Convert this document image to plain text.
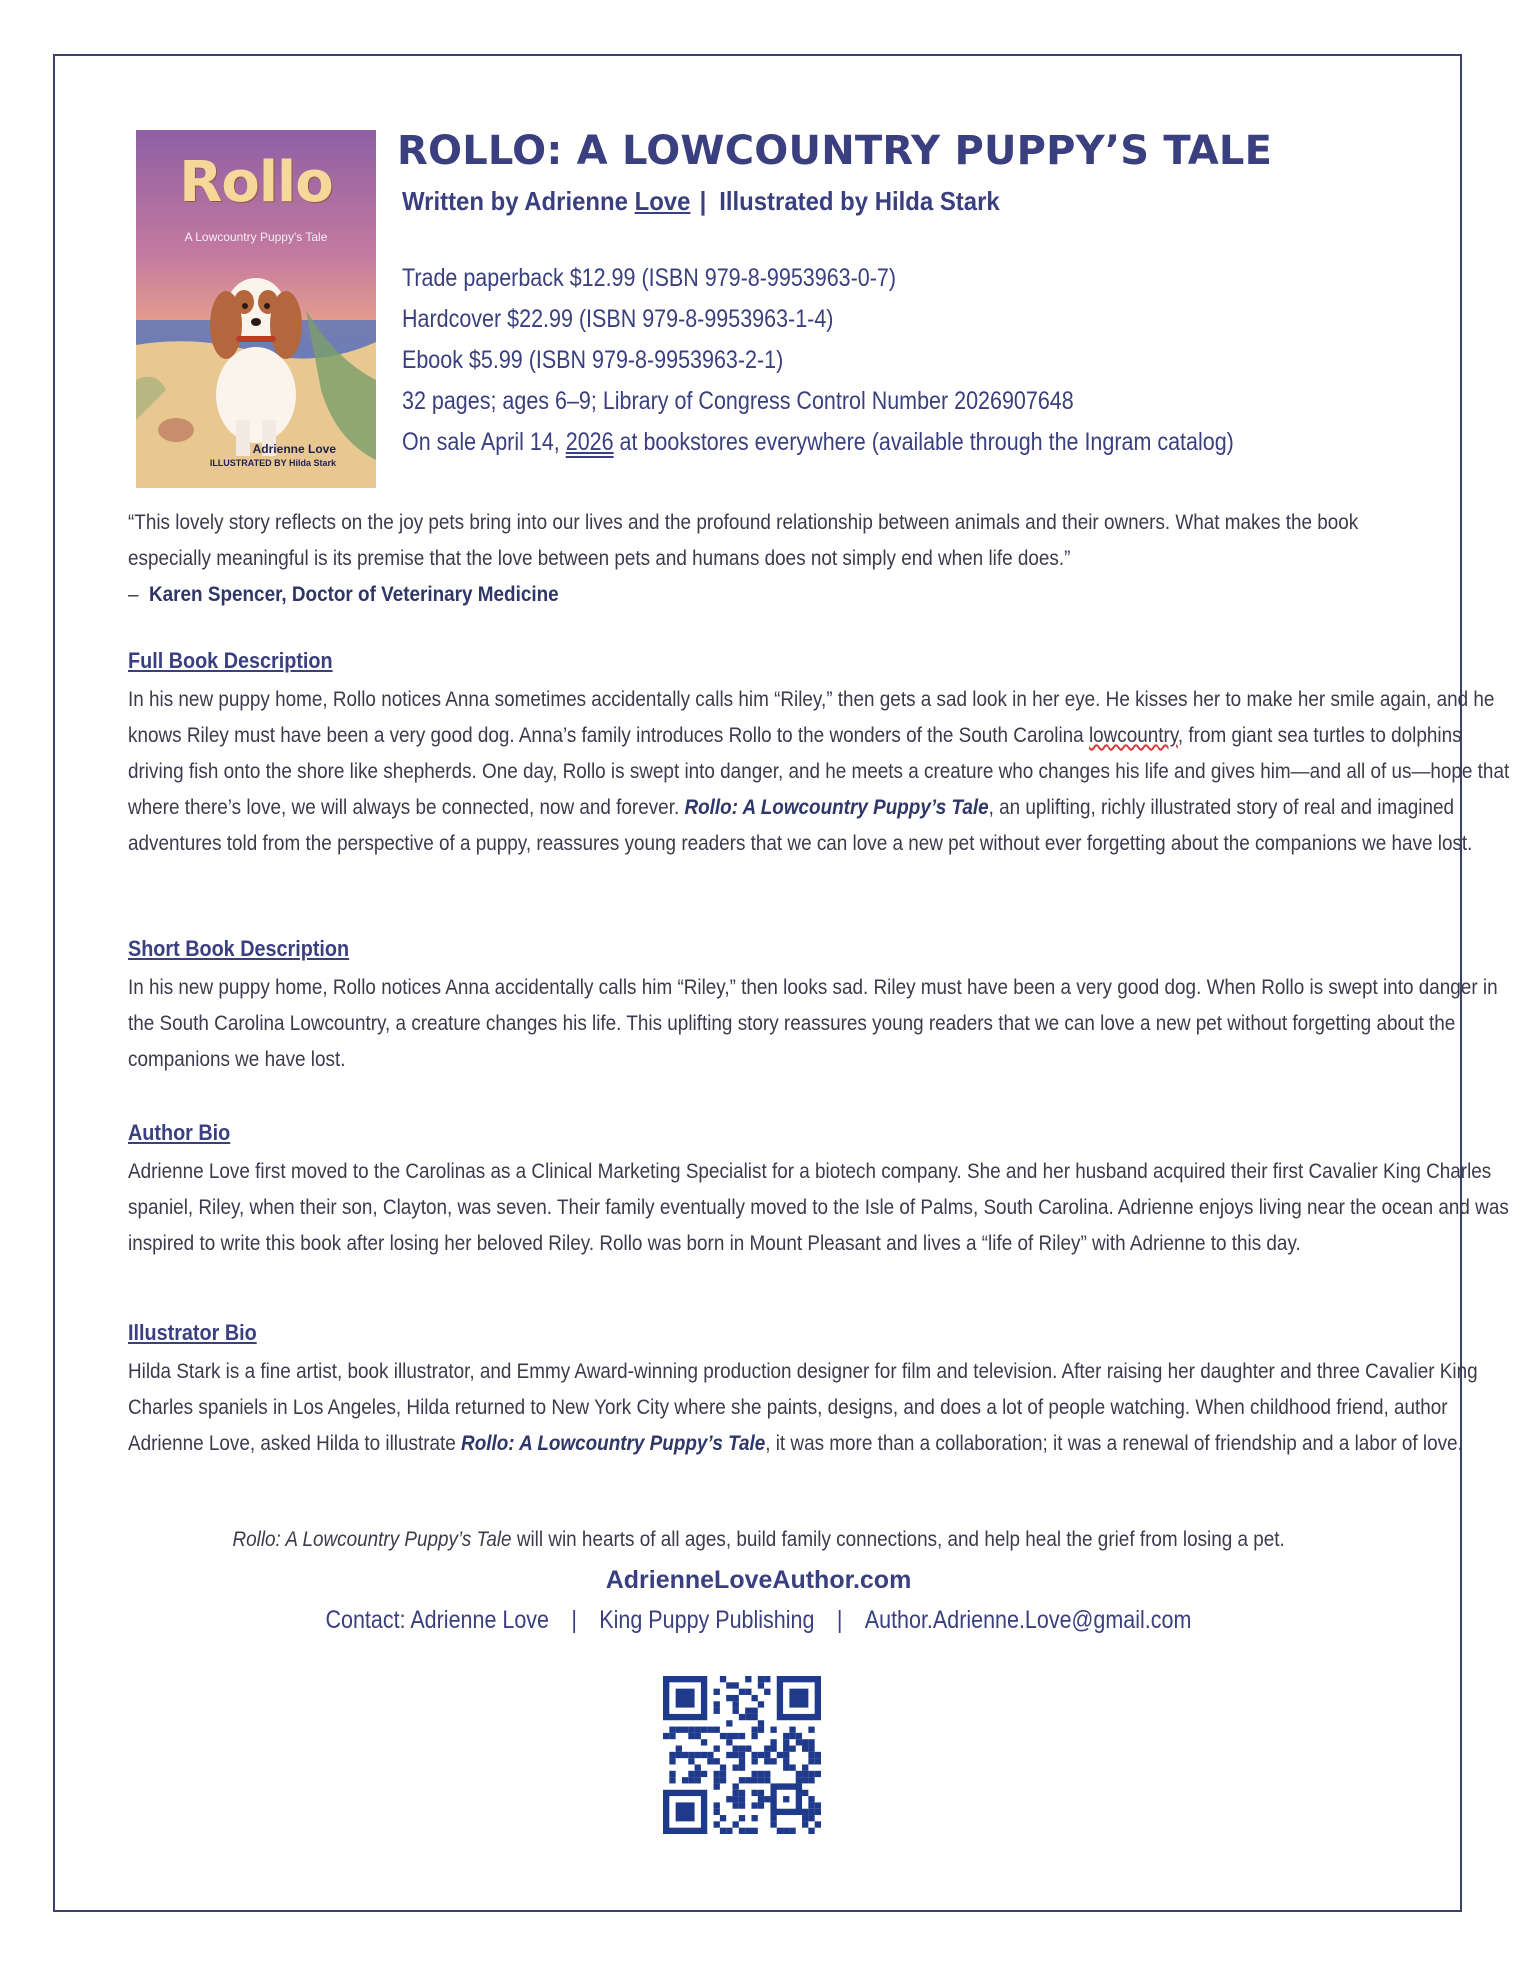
Rollo
A Lowcountry Puppy's Tale
Adrienne Love
ILLUSTRATED BY Hilda Stark
ROLLO: A LOWCOUNTRY PUPPY’S TALE
Written by Adrienne Love | Illustrated by Hilda Stark
Trade paperback $12.99 (ISBN 979-8-9953963-0-7)
Hardcover $22.99 (ISBN 979-8-9953963-1-4)
Ebook $5.99 (ISBN 979-8-9953963-2-1)
32 pages; ages 6–9; Library of Congress Control Number 2026907648
On sale April 14, 2026 at bookstores everywhere (available through the Ingram catalog)
“This lovely story reflects on the joy pets bring into our lives and the profound relationship between animals and their owners. What makes the book especially meaningful is its premise that the love between pets and humans does not simply end when life does.”
– Karen Spencer, Doctor of Veterinary Medicine
Full Book Description

In his new puppy home, Rollo notices Anna sometimes accidentally calls him “Riley,” then gets a sad look in her eye. He kisses her to make her smile again, and he knows Riley must have been a very good dog. Anna’s family introduces Rollo to the wonders of the South Carolina lowcountry, from giant sea turtles to dolphins driving fish onto the shore like shepherds. One day, Rollo is swept into danger, and he meets a creature who changes his life and gives him—and all of us—hope that where there’s love, we will always be connected, now and forever. Rollo: A Lowcountry Puppy’s Tale, an uplifting, richly illustrated story of real and imagined adventures told from the perspective of a puppy, reassures young readers that we can love a new pet without ever forgetting about the companions we have lost.

Short Book Description

In his new puppy home, Rollo notices Anna accidentally calls him “Riley,” then looks sad. Riley must have been a very good dog. When Rollo is swept into danger in the South Carolina Lowcountry, a creature changes his life. This uplifting story reassures young readers that we can love a new pet without forgetting about the companions we have lost.

Author Bio

Adrienne Love first moved to the Carolinas as a Clinical Marketing Specialist for a biotech company. She and her husband acquired their first Cavalier King Charles spaniel, Riley, when their son, Clayton, was seven. Their family eventually moved to the Isle of Palms, South Carolina. Adrienne enjoys living near the ocean and was inspired to write this book after losing her beloved Riley. Rollo was born in Mount Pleasant and lives a “life of Riley” with Adrienne to this day.

Illustrator Bio

Hilda Stark is a fine artist, book illustrator, and Emmy Award-winning production designer for film and television. After raising her daughter and three Cavalier King Charles spaniels in Los Angeles, Hilda returned to New York City where she paints, designs, and does a lot of people watching. When childhood friend, author Adrienne Love, asked Hilda to illustrate Rollo: A Lowcountry Puppy’s Tale, it was more than a collaboration; it was a renewal of friendship and a labor of love.

Rollo: A Lowcountry Puppy’s Tale will win hearts of all ages, build family connections, and help heal the grief from losing a pet.
AdrienneLoveAuthor.com
Contact: Adrienne Love | King Puppy Publishing | Author.Adrienne.Love@gmail.com
